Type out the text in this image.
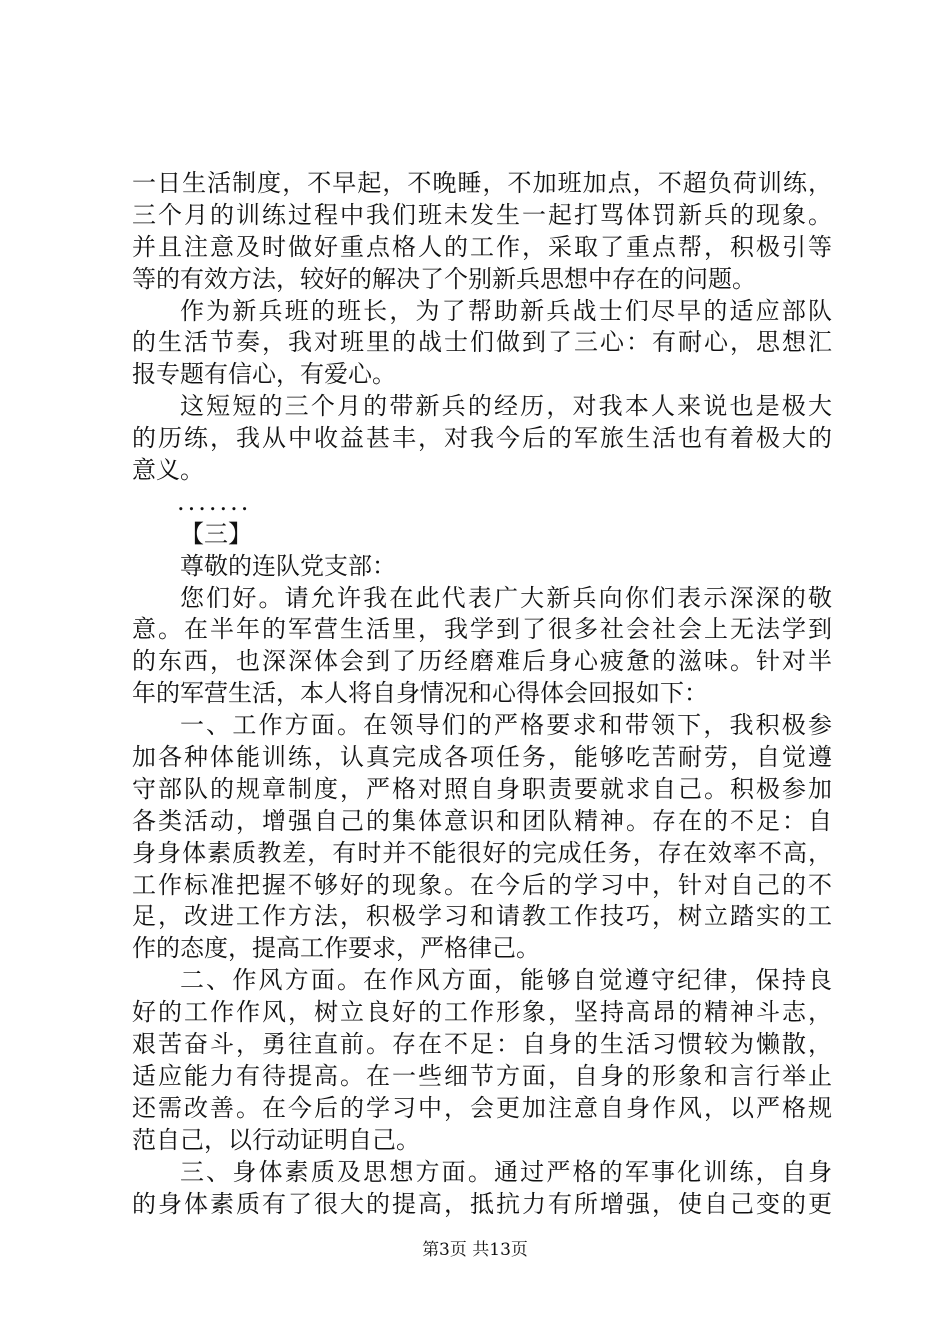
一日生活制度，不早起，不晚睡，不加班加点，不超负荷训练，
三个月的训练过程中我们班未发生一起打骂体罚新兵的现象。
并且注意及时做好重点格人的工作，采取了重点帮，积极引等
等的有效方法，较好的解决了个别新兵思想中存在的问题。
作为新兵班的班长，为了帮助新兵战士们尽早的适应部队
的生活节奏，我对班里的战士们做到了三心：有耐心，思想汇
报专题有信心，有爱心。
这短短的三个月的带新兵的经历，对我本人来说也是极大
的历练，我从中收益甚丰，对我今后的军旅生活也有着极大的
意义。
.......
【三】
尊敬的连队党支部：
您们好。请允许我在此代表广大新兵向你们表示深深的敬
意。在半年的军营生活里，我学到了很多社会社会上无法学到
的东西，也深深体会到了历经磨难后身心疲惫的滋味。针对半
年的军营生活，本人将自身情况和心得体会回报如下：
一、工作方面。在领导们的严格要求和带领下，我积极参
加各种体能训练，认真完成各项任务，能够吃苦耐劳，自觉遵
守部队的规章制度，严格对照自身职责要就求自己。积极参加
各类活动，增强自己的集体意识和团队精神。存在的不足：自
身身体素质教差，有时并不能很好的完成任务，存在效率不高，
工作标准把握不够好的现象。在今后的学习中，针对自己的不
足，改进工作方法，积极学习和请教工作技巧，树立踏实的工
作的态度，提高工作要求，严格律己。
二、作风方面。在作风方面，能够自觉遵守纪律，保持良
好的工作作风，树立良好的工作形象，坚持高昂的精神斗志，
艰苦奋斗，勇往直前。存在不足：自身的生活习惯较为懒散，
适应能力有待提高。在一些细节方面，自身的形象和言行举止
还需改善。在今后的学习中，会更加注意自身作风，以严格规
范自己，以行动证明自己。
三、身体素质及思想方面。通过严格的军事化训练，自身
的身体素质有了很大的提高，抵抗力有所增强，使自己变的更
第3页 共13页
